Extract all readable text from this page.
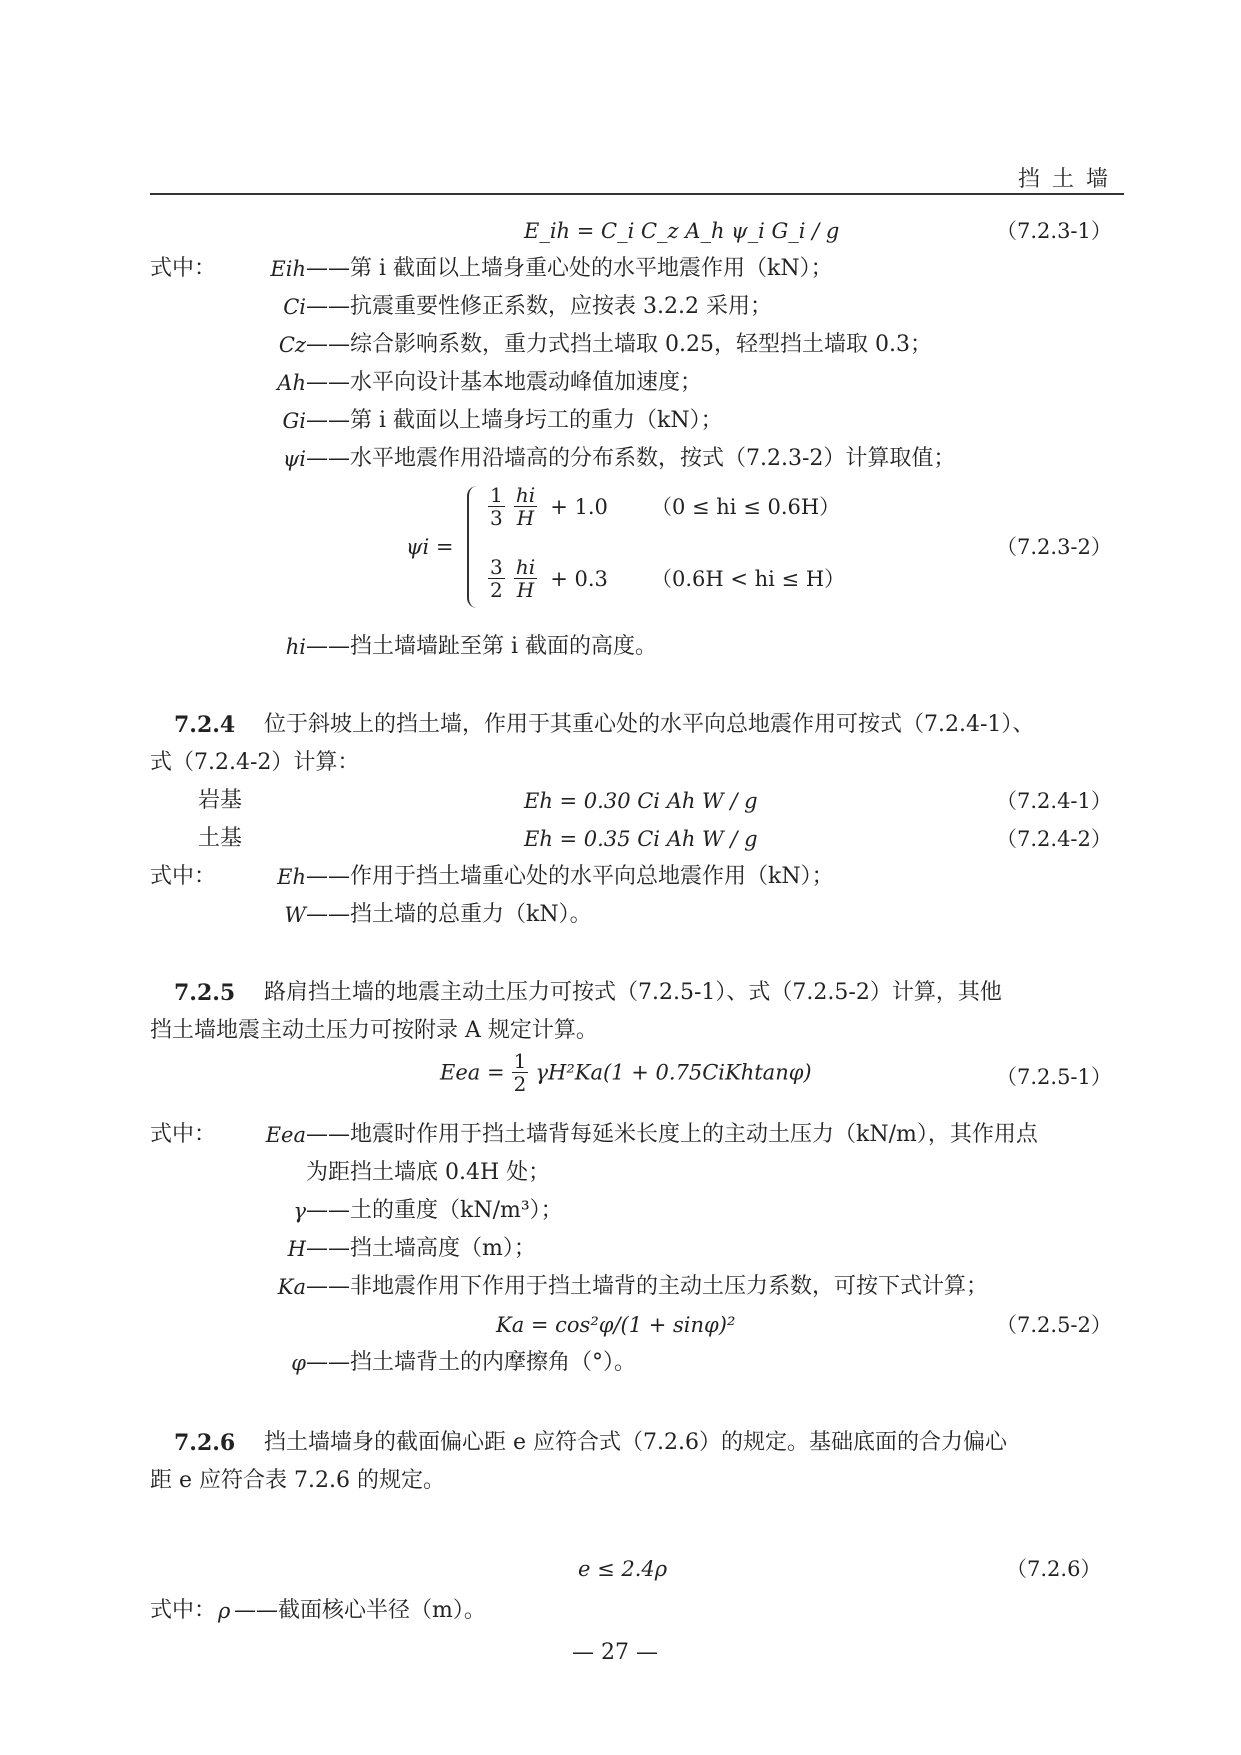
挡土墙
E_ih = C_i C_z A_h ψ_i G_i / g	（7.2.3-1）
式中：	Eih ——第 i 截面以上墙身重心处的水平地震作用（kN）；
Ci ——抗震重要性修正系数，应按表 3.2.2 采用；
Cz ——综合影响系数，重力式挡土墙取 0.25，轻型挡土墙取 0.3；
Ah ——水平向设计基本地震动峰值加速度；
Gi ——第 i 截面以上墙身圬工的重力（kN）；
ψi ——水平地震作用沿墙高的分布系数，按式（7.2.3-2）计算取值；
ψi =
$\frac{1}{3}$
$\frac{hi}{H} + 1.0$ （0 ≤ hi ≤ 0.6H）
$\frac{3}{2}$
$\frac{hi}{H} + 0.3$ （0.6H < hi ≤ H）
（7.2.3-2）
hi ——挡土墙墙趾至第 i 截面的高度。
7.2.4 位于斜坡上的挡土墙，作用于其重心处的水平向总地震作用可按式（7.2.4-1）、
式（7.2.4-2）计算：
岩基	Eh = 0.30 Ci Ah W / g	（7.2.4-1）
土基	Eh = 0.35 Ci Ah W / g	（7.2.4-2）
式中：	Eh ——作用于挡土墙重心处的水平向总地震作用（kN）；
W ——挡土墙的总重力（kN）。
7.2.5 路肩挡土墙的地震主动土压力可按式（7.2.5-1）、式（7.2.5-2）计算，其他
挡土墙地震主动土压力可按附录 A 规定计算。
Eea = $\frac{1}{2} \gamma H^2Ka(1$ + 0.75CiKhtanφ)	（7.2.5-1）
式中：	Eea ——地震时作用于挡土墙背每延米长度上的主动土压力（kN/m），其作用点
为距挡土墙底 0.4H 处；
γ ——土的重度（kN/m³）；
H ——挡土墙高度（m）；
Ka ——非地震作用下作用于挡土墙背的主动土压力系数，可按下式计算；
Ka = cos²φ/(1 + sinφ)²	（7.2.5-2）
φ ——挡土墙背土的内摩擦角（°）。
7.2.6 挡土墙墙身的截面偏心距 e 应符合式（7.2.6）的规定。基础底面的合力偏心
距 e 应符合表 7.2.6 的规定。
e ≤ 2.4ρ	（7.2.6）
式中： ρ ——截面核心半径（m）。
— 27 —
